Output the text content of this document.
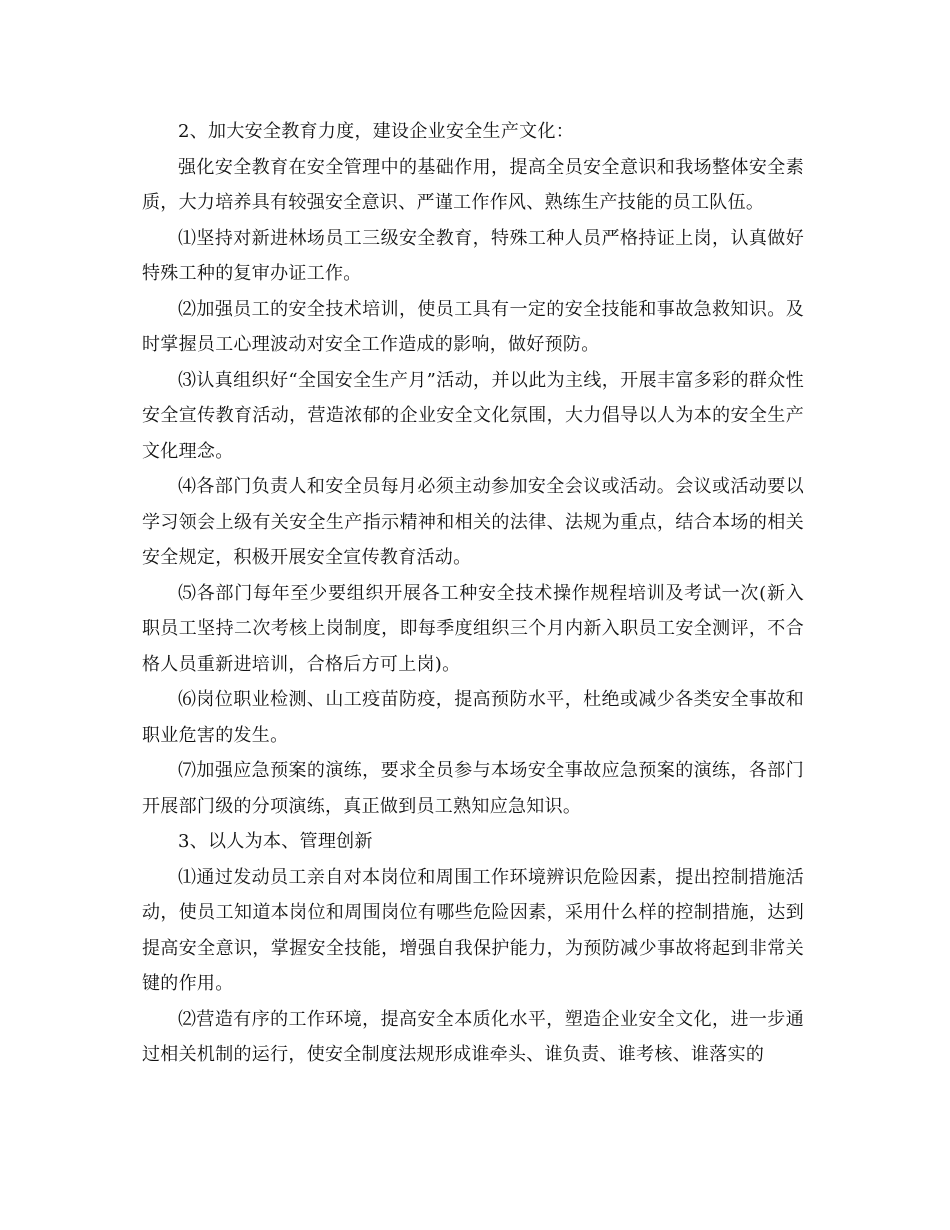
2、加大安全教育力度，建设企业安全生产文化：

强化安全教育在安全管理中的基础作用，提高全员安全意识和我场整体安全素质，大力培养具有较强安全意识、严谨工作作风、熟练生产技能的员工队伍。

⑴坚持对新进林场员工三级安全教育，特殊工种人员严格持证上岗，认真做好特殊工种的复审办证工作。

⑵加强员工的安全技术培训，使员工具有一定的安全技能和事故急救知识。及时掌握员工心理波动对安全工作造成的影响，做好预防。

⑶认真组织好“全国安全生产月”活动，并以此为主线，开展丰富多彩的群众性安全宣传教育活动，营造浓郁的企业安全文化氛围，大力倡导以人为本的安全生产文化理念。

⑷各部门负责人和安全员每月必须主动参加安全会议或活动。会议或活动要以学习领会上级有关安全生产指示精神和相关的法律、法规为重点，结合本场的相关安全规定，积极开展安全宣传教育活动。

⑸各部门每年至少要组织开展各工种安全技术操作规程培训及考试一次(新入职员工坚持二次考核上岗制度，即每季度组织三个月内新入职员工安全测评，不合格人员重新进培训，合格后方可上岗)。

⑹岗位职业检测、山工疫苗防疫，提高预防水平，杜绝或减少各类安全事故和职业危害的发生。

⑺加强应急预案的演练，要求全员参与本场安全事故应急预案的演练，各部门开展部门级的分项演练，真正做到员工熟知应急知识。

3、以人为本、管理创新

⑴通过发动员工亲自对本岗位和周围工作环境辨识危险因素，提出控制措施活动，使员工知道本岗位和周围岗位有哪些危险因素，采用什么样的控制措施，达到提高安全意识，掌握安全技能，增强自我保护能力，为预防减少事故将起到非常关键的作用。

⑵营造有序的工作环境，提高安全本质化水平，塑造企业安全文化，进一步通过相关机制的运行，使安全制度法规形成谁牵头、谁负责、谁考核、谁落实的
